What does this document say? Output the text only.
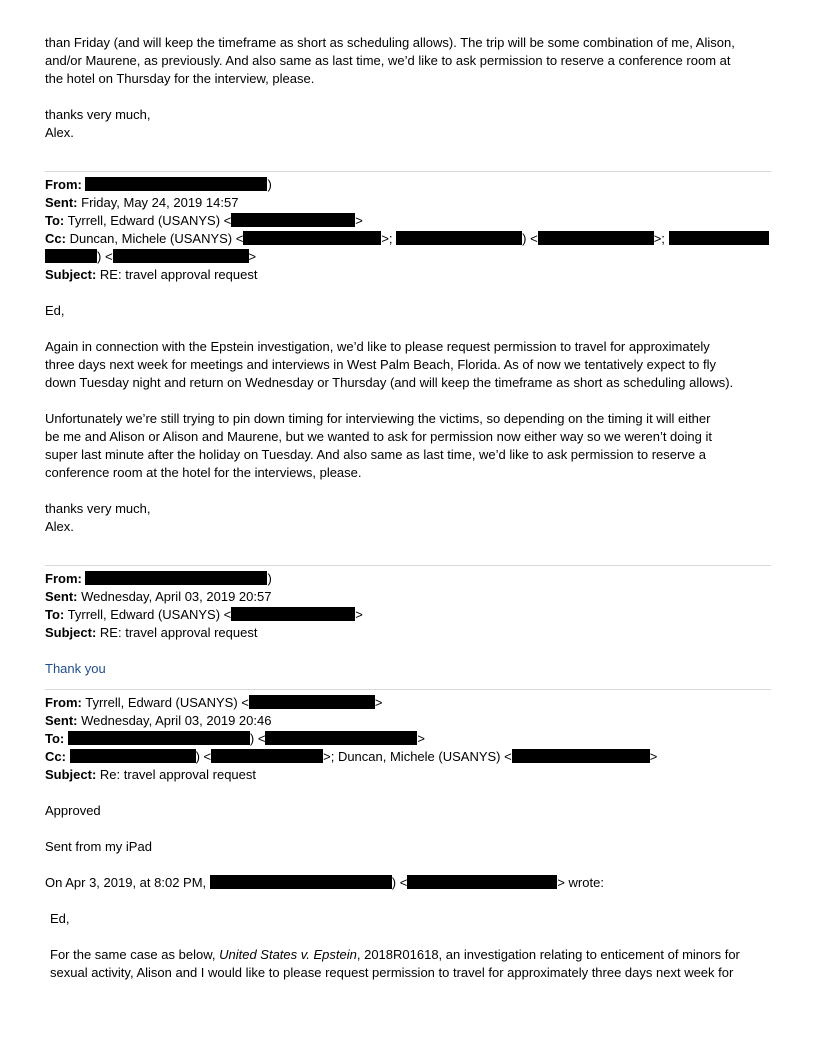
than Friday (and will keep the timeframe as short as scheduling allows). The trip will be some combination of me, Alison,
and/or Maurene, as previously. And also same as last time, we’d like to ask permission to reserve a conference room at
the hotel on Thursday for the interview, please.
thanks very much,
Alex.
From:	)
Sent: Friday, May 24, 2019 14:57
To: Tyrrell, Edward (USANYS) <	>
Cc: Duncan, Michele (USANYS) <	>;	) <	>;
) <	>
Subject: RE: travel approval request
Ed,
Again in connection with the Epstein investigation, we’d like to please request permission to travel for approximately
three days next week for meetings and interviews in West Palm Beach, Florida. As of now we tentatively expect to fly
down Tuesday night and return on Wednesday or Thursday (and will keep the timeframe as short as scheduling allows).
Unfortunately we’re still trying to pin down timing for interviewing the victims, so depending on the timing it will either
be me and Alison or Alison and Maurene, but we wanted to ask for permission now either way so we weren’t doing it
super last minute after the holiday on Tuesday. And also same as last time, we’d like to ask permission to reserve a
conference room at the hotel for the interviews, please.
thanks very much,
Alex.
From:	)
Sent: Wednesday, April 03, 2019 20:57
To: Tyrrell, Edward (USANYS) <	>
Subject: RE: travel approval request
Thank you
From: Tyrrell, Edward (USANYS) <	>
Sent: Wednesday, April 03, 2019 20:46
To:	) <	>
Cc:	) <	>; Duncan, Michele (USANYS) <	>
Subject: Re: travel approval request
Approved
Sent from my iPad
On Apr 3, 2019, at 8:02 PM,	) <	> wrote:
Ed,
For the same case as below, United States v. Epstein, 2018R01618, an investigation relating to enticement of minors for
sexual activity, Alison and I would like to please request permission to travel for approximately three days next week for
